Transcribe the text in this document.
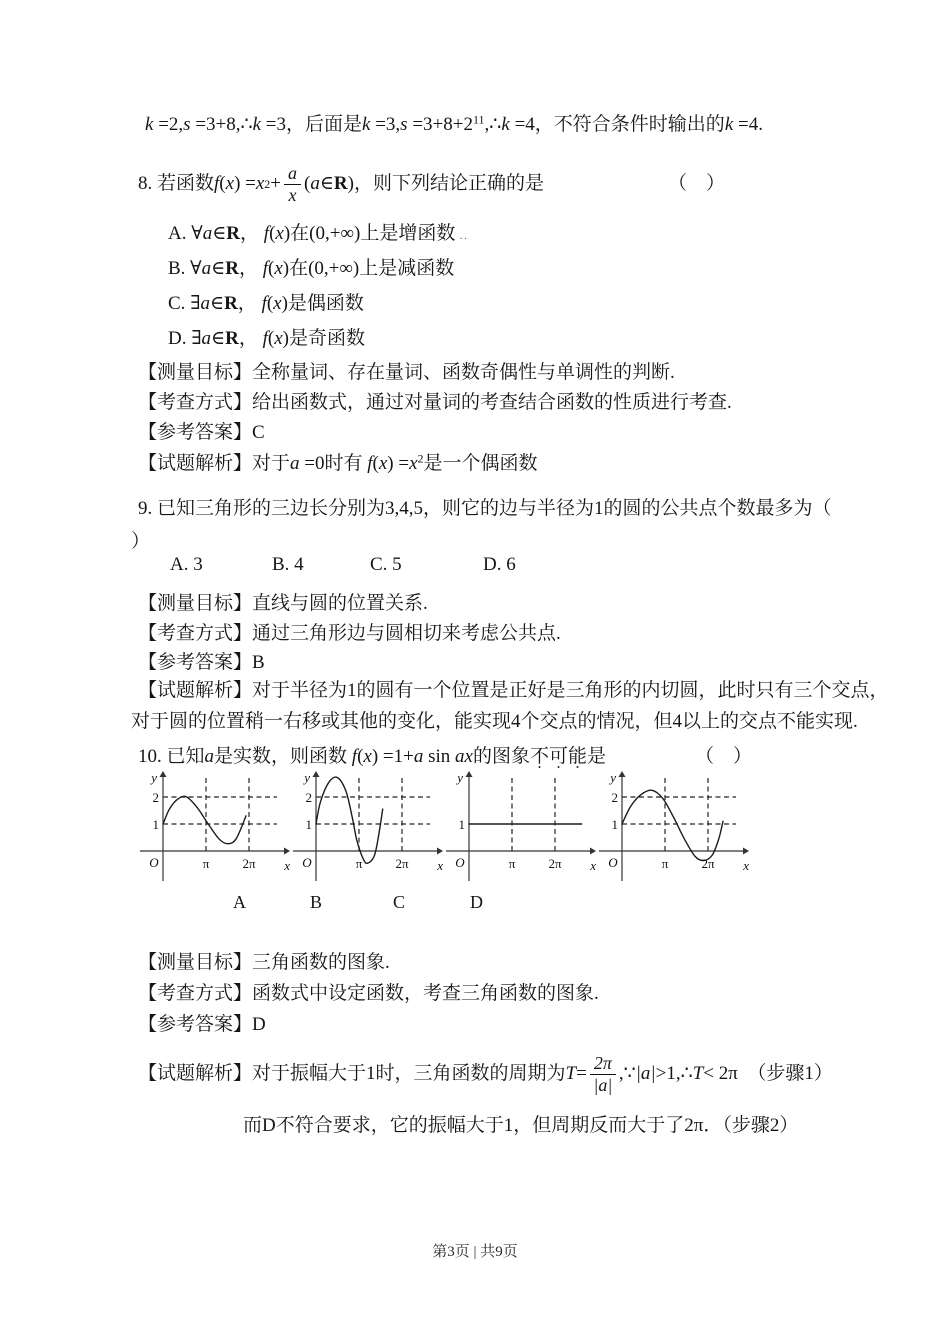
k =2,s =3+8,∴k =3，后面是$k =3,s =3+8+2^{11},\therefore k =4$，不符合条件时输出的k =4.
8. 若函数 f ( x ) = x $2 + \frac{a}{x}$ ( a ∈ R ) ，则下列结论正确的是	（　）
A. ∀a∈R， f(x)在(0,+∞)上是增函数 ..
B. ∀a∈R， f(x)在(0,+∞)上是减函数
C. ∃a∈R， f(x)是偶函数
D. ∃a∈R， f(x)是奇函数
【测量目标】全称量词、存在量词、函数奇偶性与单调性的判断.
【考查方式】给出函数式，通过对量词的考查结合函数的性质进行考查.
【参考答案】C
【试题解析】对于a =0时有 $f(x) =x^2$是一个偶函数
9. 已知三角形的三边长分别为3,4,5，则它的边与半径为1的圆的公共点个数最多为（
）
A. 3	B. 4	C. 5	D. 6
【测量目标】直线与圆的位置关系.
【考查方式】通过三角形边与圆相切来考虑公共点.
【参考答案】B
【试题解析】对于半径为1的圆有一个位置是正好是三角形的内切圆，此时只有三个交点，
对于圆的位置稍一右移或其他的变化，能实现4个交点的情况，但4以上的交点不能实现.
10. 已知a是实数，则函数 f(x) =1+a sin ax的图象不可能是	（　）
y
x
O
1
2
π	2π
y
x
O
1
2
π	2π
y
x
O
1
π	2π
y
x
O
1
2
π	2π
A	B	C	D
【测量目标】三角函数的图象.
【考查方式】函数式中设定函数，考查三角函数的图象.
【参考答案】D
【试题解析】 对于振幅大于1时，三角函数的周期为 $T = \frac{2\pi}{|a|}$ ,∵ |a| >1,∴ T < 2π 　（步骤1）
而D不符合要求，它的振幅大于1，但周期反而大于了2π．（步骤2）
第3页 | 共9页
